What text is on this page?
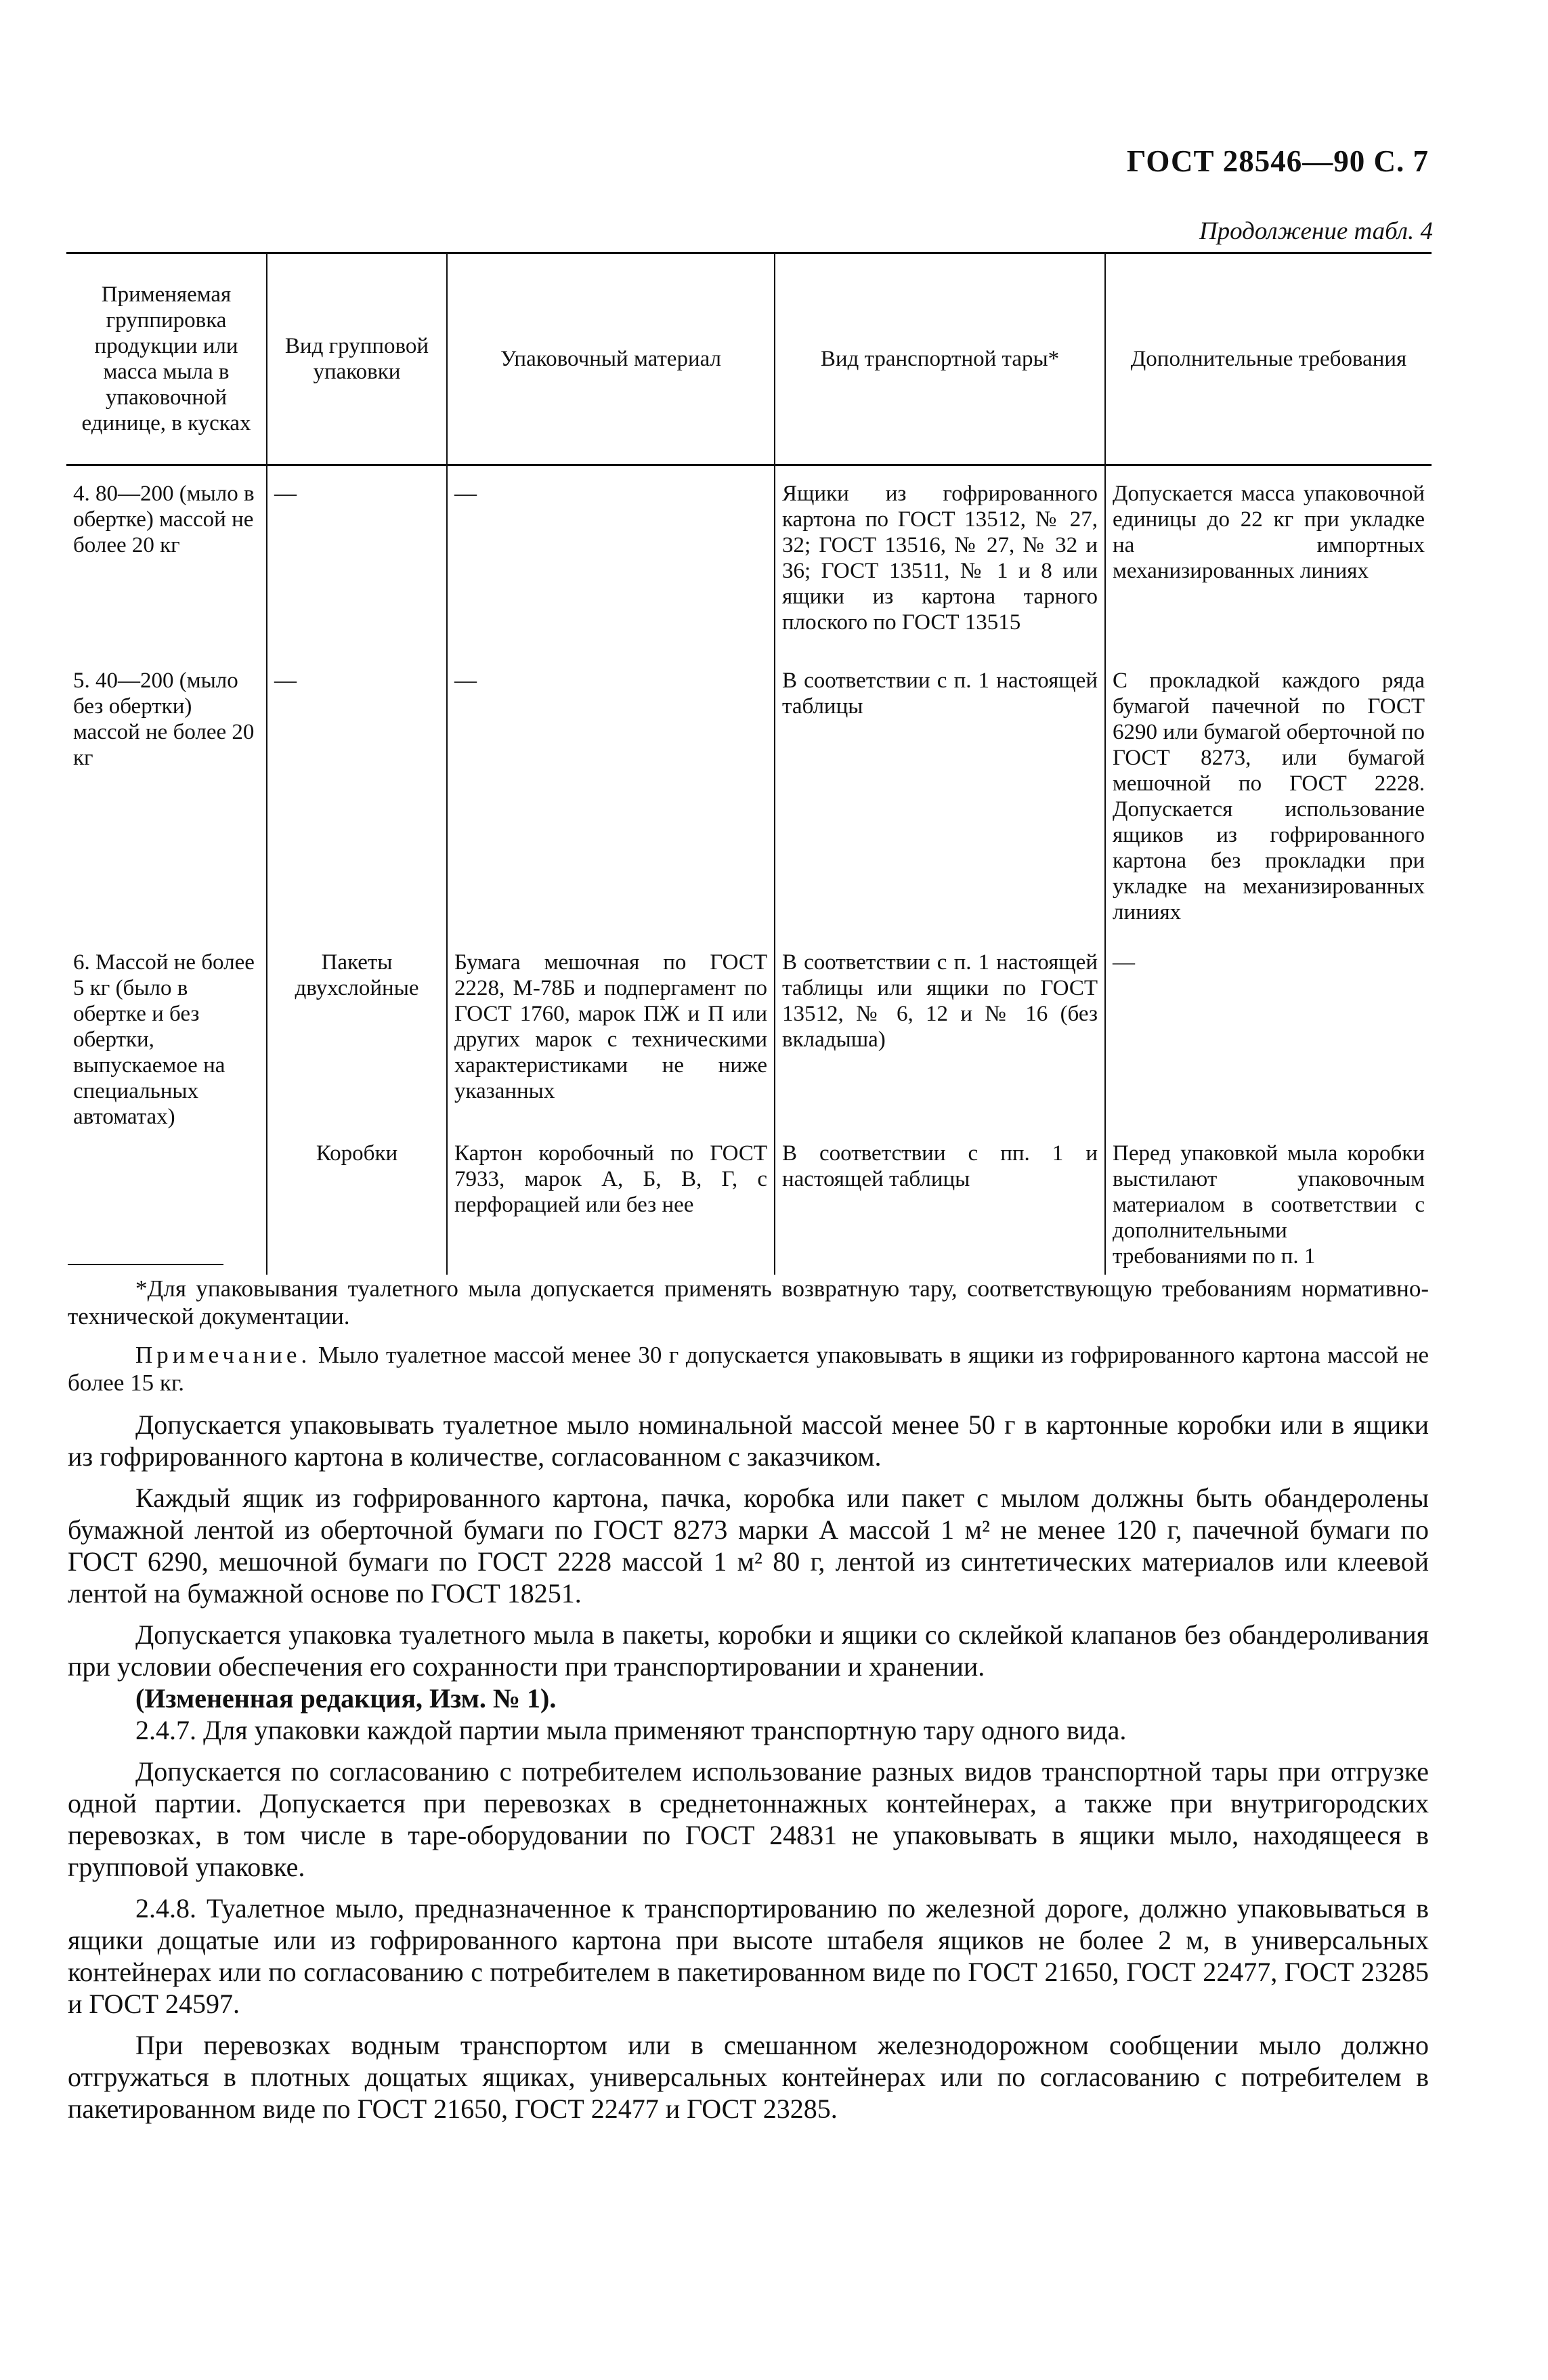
ГОСТ 28546—90 С. 7
Продолжение табл. 4
Применяемая группировка продукции или масса мыла в упаковочной единице, в кусках	Вид групповой упаковки	Упаковочный материал	Вид транспортной тары*	Дополнительные требования
4. 80—200 (мыло в обертке) массой не более 20 кг	—	—	Ящики из гофрированного картона по ГОСТ 13512, № 27, 32; ГОСТ 13516, № 27, № 32 и 36; ГОСТ 13511, № 1 и 8 или ящики из картона тарного плоского по ГОСТ 13515	Допускается масса упаковочной единицы до 22 кг при укладке на импортных механизированных линиях
5. 40—200 (мыло без обертки) массой не более 20 кг	—	—	В соответствии с п. 1 настоящей таблицы	С прокладкой каждого ряда бумагой пачечной по ГОСТ 6290 или бумагой оберточной по ГОСТ 8273, или бумагой мешочной по ГОСТ 2228. Допускается использование ящиков из гофрированного картона без прокладки при укладке на механизированных линиях
6. Массой не более 5 кг (было в обертке и без обертки, выпускаемое на специальных автоматах)	Пакеты двухслойные	Бумага мешочная по ГОСТ 2228, М-78Б и подпергамент по ГОСТ 1760, марок ПЖ и П или других марок с техническими характеристиками не ниже указанных	В соответствии с п. 1 настоящей таблицы или ящики по ГОСТ 13512, № 6, 12 и № 16 (без вкладыша)	—
	Коробки	Картон коробочный по ГОСТ 7933, марок А, Б, В, Г, с перфорацией или без нее	В соответствии с пп. 1 и настоящей таблицы	Перед упаковкой мыла коробки выстилают упаковочным материалом в соответствии с дополнительными требованиями по п. 1
*Для упаковывания туалетного мыла допускается применять возвратную тару, соответствующую требованиям нормативно-технической документации.
Примечание. Мыло туалетное массой менее 30 г допускается упаковывать в ящики из гофрированного картона массой не более 15 кг.

Допускается упаковывать туалетное мыло номинальной массой менее 50 г в картонные коробки или в ящики из гофрированного картона в количестве, согласованном с заказчиком.

Каждый ящик из гофрированного картона, пачка, коробка или пакет с мылом должны быть обандеролены бумажной лентой из оберточной бумаги по ГОСТ 8273 марки А массой 1 м² не менее 120 г, пачечной бумаги по ГОСТ 6290, мешочной бумаги по ГОСТ 2228 массой 1 м² 80 г, лентой из синтетических материалов или клеевой лентой на бумажной основе по ГОСТ 18251.

Допускается упаковка туалетного мыла в пакеты, коробки и ящики со склейкой клапанов без обандероливания при условии обеспечения его сохранности при транспортировании и хранении.

(Измененная редакция, Изм. № 1).

2.4.7. Для упаковки каждой партии мыла применяют транспортную тару одного вида.

Допускается по согласованию с потребителем использование разных видов транспортной тары при отгрузке одной партии. Допускается при перевозках в среднетоннажных контейнерах, а также при внутригородских перевозках, в том числе в таре-оборудовании по ГОСТ 24831 не упаковывать в ящики мыло, находящееся в групповой упаковке.

2.4.8. Туалетное мыло, предназначенное к транспортированию по железной дороге, должно упаковываться в ящики дощатые или из гофрированного картона при высоте штабеля ящиков не более 2 м, в универсальных контейнерах или по согласованию с потребителем в пакетированном виде по ГОСТ 21650, ГОСТ 22477, ГОСТ 23285 и ГОСТ 24597.

При перевозках водным транспортом или в смешанном железнодорожном сообщении мыло должно отгружаться в плотных дощатых ящиках, универсальных контейнерах или по согласованию с потребителем в пакетированном виде по ГОСТ 21650, ГОСТ 22477 и ГОСТ 23285.
